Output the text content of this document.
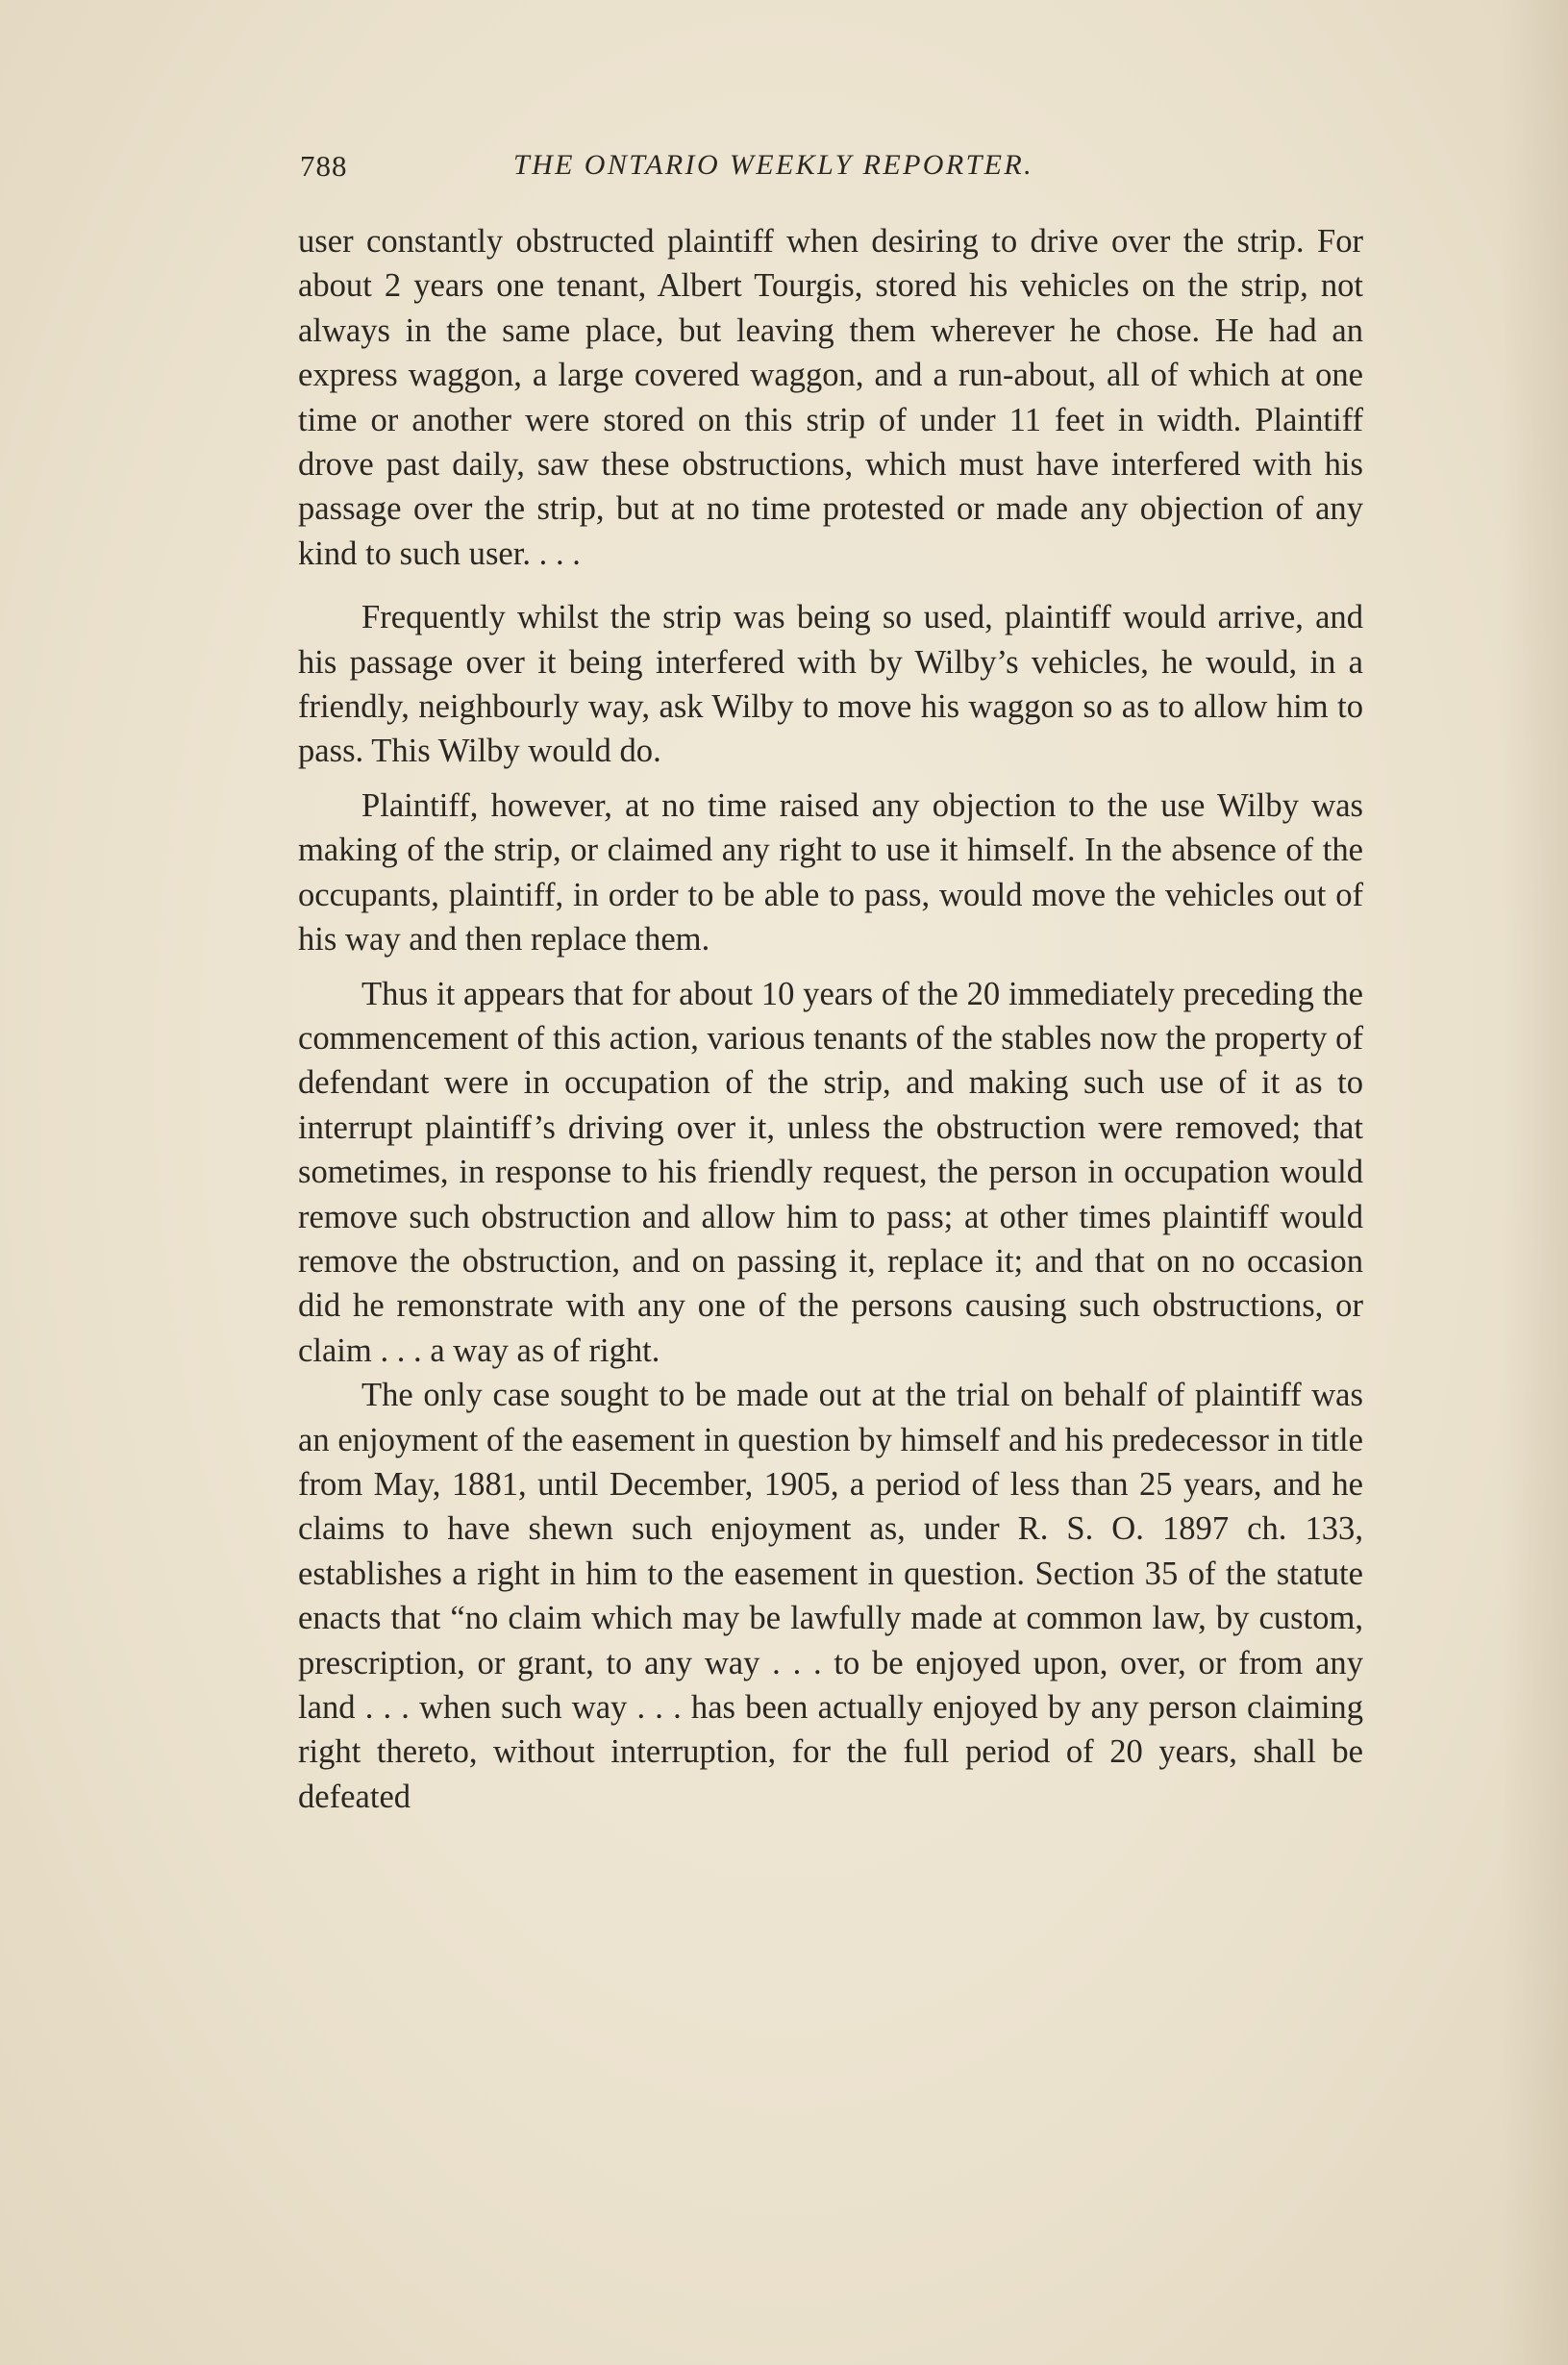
788	THE ONTARIO WEEKLY REPORTER.

user constantly obstructed plaintiff when desiring to drive over the strip. For about 2 years one tenant, Albert Tourgis, stored his vehicles on the strip, not always in the same place, but leaving them wherever he chose. He had an express waggon, a large covered waggon, and a run-about, all of which at one time or another were stored on this strip of under 11 feet in width. Plaintiff drove past daily, saw these obstructions, which must have interfered with his passage over the strip, but at no time protested or made any objection of any kind to such user. . . .

Frequently whilst the strip was being so used, plaintiff would arrive, and his passage over it being interfered with by Wilby’s vehicles, he would, in a friendly, neighbourly way, ask Wilby to move his waggon so as to allow him to pass. This Wilby would do.

Plaintiff, however, at no time raised any objection to the use Wilby was making of the strip, or claimed any right to use it himself. In the absence of the occupants, plaintiff, in order to be able to pass, would move the vehicles out of his way and then replace them.

Thus it appears that for about 10 years of the 20 immediately preceding the commencement of this action, various tenants of the stables now the property of defendant were in occupation of the strip, and making such use of it as to interrupt plaintiff’s driving over it, unless the obstruction were removed; that sometimes, in response to his friendly request, the person in occupation would remove such obstruction and allow him to pass; at other times plaintiff would remove the obstruction, and on passing it, replace it; and that on no occasion did he remonstrate with any one of the persons causing such obstructions, or claim . . . a way as of right.

The only case sought to be made out at the trial on behalf of plaintiff was an enjoyment of the easement in question by himself and his predecessor in title from May, 1881, until December, 1905, a period of less than 25 years, and he claims to have shewn such enjoyment as, under R. S. O. 1897 ch. 133, establishes a right in him to the easement in question. Section 35 of the statute enacts that “no claim which may be lawfully made at common law, by custom, prescription, or grant, to any way . . . to be enjoyed upon, over, or from any land . . . when such way . . . has been actually enjoyed by any person claiming right thereto, without interruption, for the full period of 20 years, shall be defeated
